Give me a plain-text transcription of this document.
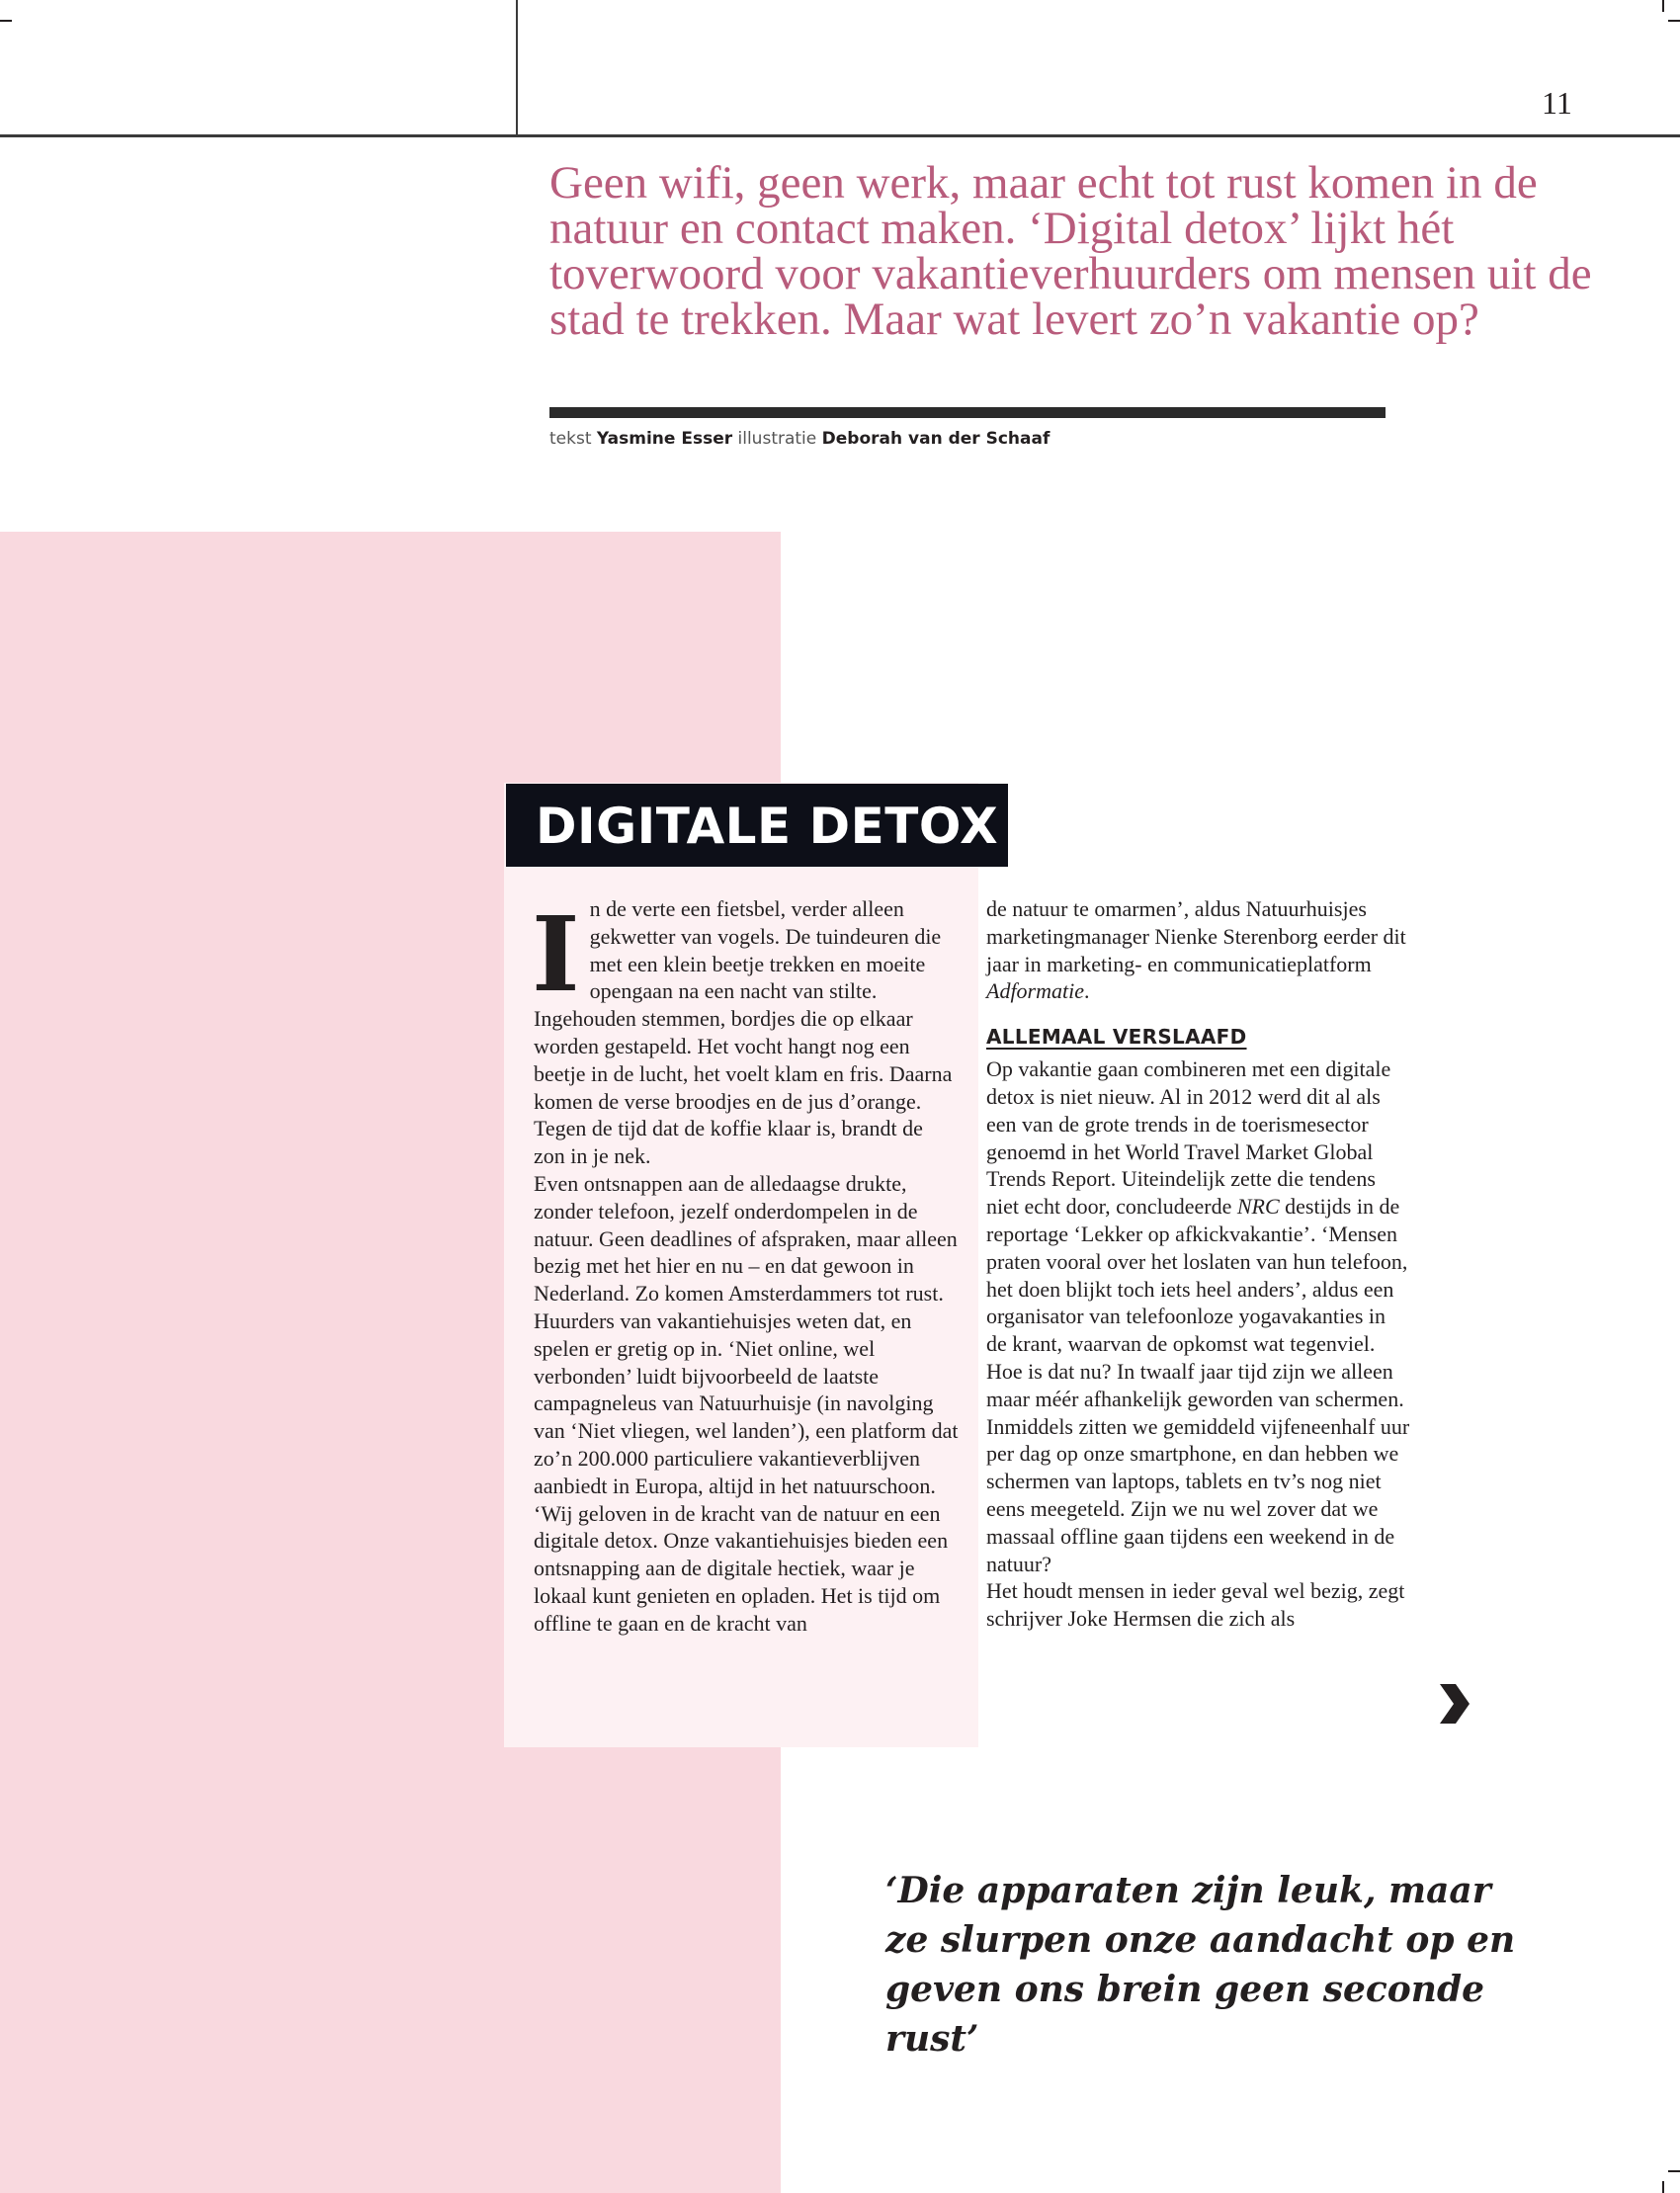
11

Geen wifi, geen werk, maar echt tot rust komen in de natuur en contact maken. ‘Digital detox’ lijkt hét toverwoord voor vakantieverhuurders om mensen uit de stad te trekken. Maar wat levert zo’n vakantie op?

tekst Yasmine Esser illustratie Deborah van der Schaaf
DIGITALE DETOX
I n de verte een fietsbel, verder alleen gekwetter van vogels. De tuindeuren die met een klein beetje trekken en moeite opengaan na een nacht van stilte. Ingehouden stemmen, bordjes die op elkaar worden gestapeld. Het vocht hangt nog een beetje in de lucht, het voelt klam en fris. Daarna komen de verse broodjes en de jus d’orange. Tegen de tijd dat de koffie klaar is, brandt de zon in je nek.

Even ontsnappen aan de alledaagse drukte, zonder telefoon, jezelf onderdompelen in de natuur. Geen deadlines of afspraken, maar alleen bezig met het hier en nu – en dat gewoon in Nederland. Zo komen Amsterdammers tot rust. Huurders van vakantiehuisjes weten dat, en spelen er gretig op in. ‘Niet online, wel verbonden’ luidt bijvoorbeeld de laatste campagneleus van Natuurhuisje (in navolging van ‘Niet vliegen, wel landen’), een platform dat zo’n 200.000 particuliere vakantieverblijven aanbiedt in Europa, altijd in het natuurschoon. ‘Wij geloven in de kracht van de natuur en een digitale detox. Onze vakantiehuisjes bieden een ontsnapping aan de digitale hectiek, waar je lokaal kunt genieten en opladen. Het is tijd om offline te gaan en de kracht van

de natuur te omarmen’, aldus Natuurhuisjes marketingmanager Nienke Sterenborg eerder dit jaar in marketing- en communicatieplatform Adformatie.

ALLEMAAL VERSLAAFD

Op vakantie gaan combineren met een digitale detox is niet nieuw. Al in 2012 werd dit al als een van de grote trends in de toerismesector genoemd in het World Travel Market Global Trends Report. Uiteindelijk zette die tendens niet echt door, concludeerde NRC destijds in de reportage ‘Lekker op afkickvakantie’. ‘Mensen praten vooral over het loslaten van hun telefoon, het doen blijkt toch iets heel anders’, aldus een organisator van telefoonloze yogavakanties in de krant, waarvan de opkomst wat tegenviel.

Hoe is dat nu? In twaalf jaar tijd zijn we alleen maar méér afhankelijk geworden van schermen. Inmiddels zitten we gemiddeld vijfeneenhalf uur per dag op onze smartphone, en dan hebben we schermen van laptops, tablets en tv’s nog niet eens meegeteld. Zijn we nu wel zover dat we massaal offline gaan tijdens een weekend in de natuur?

Het houdt mensen in ieder geval wel bezig, zegt schrijver Joke Hermsen die zich als

‘Die apparaten zijn leuk, maar ze slurpen onze aandacht op en geven ons brein geen seconde rust’
